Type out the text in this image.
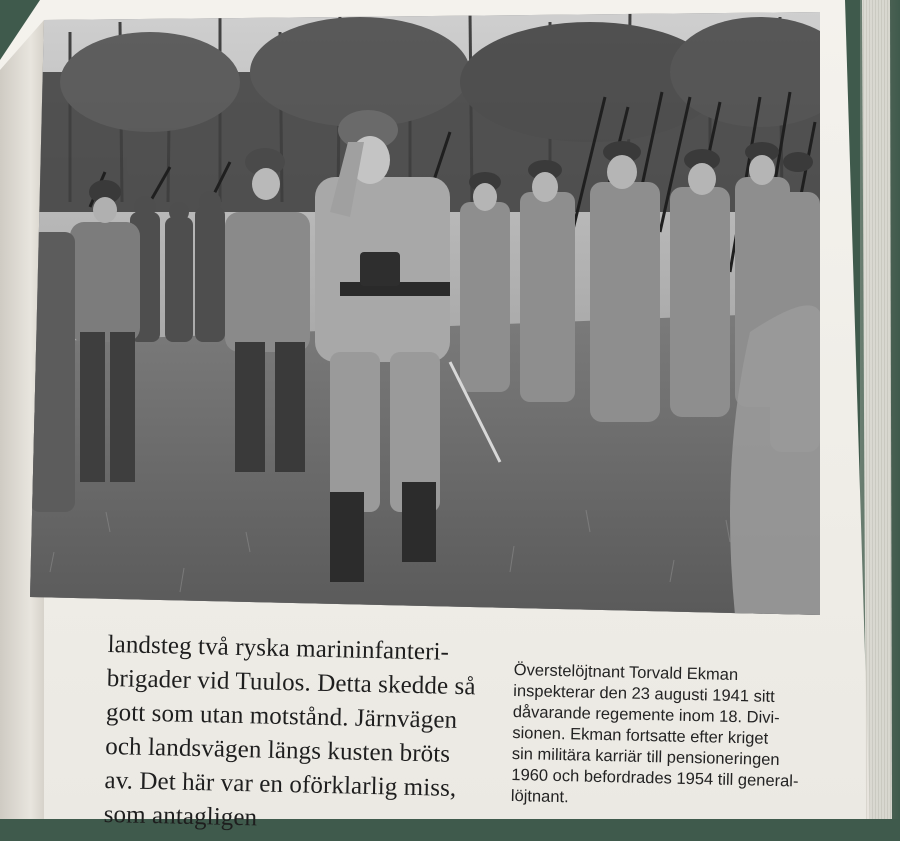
landsteg två ryska marininfanteri-
brigader vid Tuulos. Detta skedde så
gott som utan motstånd. Järnvägen
och landsvägen längs kusten bröts
av. Det här var en oförklarlig miss,
som antagligen
Överstelöjtnant Torvald Ekman
inspekterar den 23 augusti 1941 sitt
dåvarande regemente inom 18. Divi-
sionen. Ekman fortsatte efter kriget
sin militära karriär till pensioneringen
1960 och befordrades 1954 till general-
löjtnant.
